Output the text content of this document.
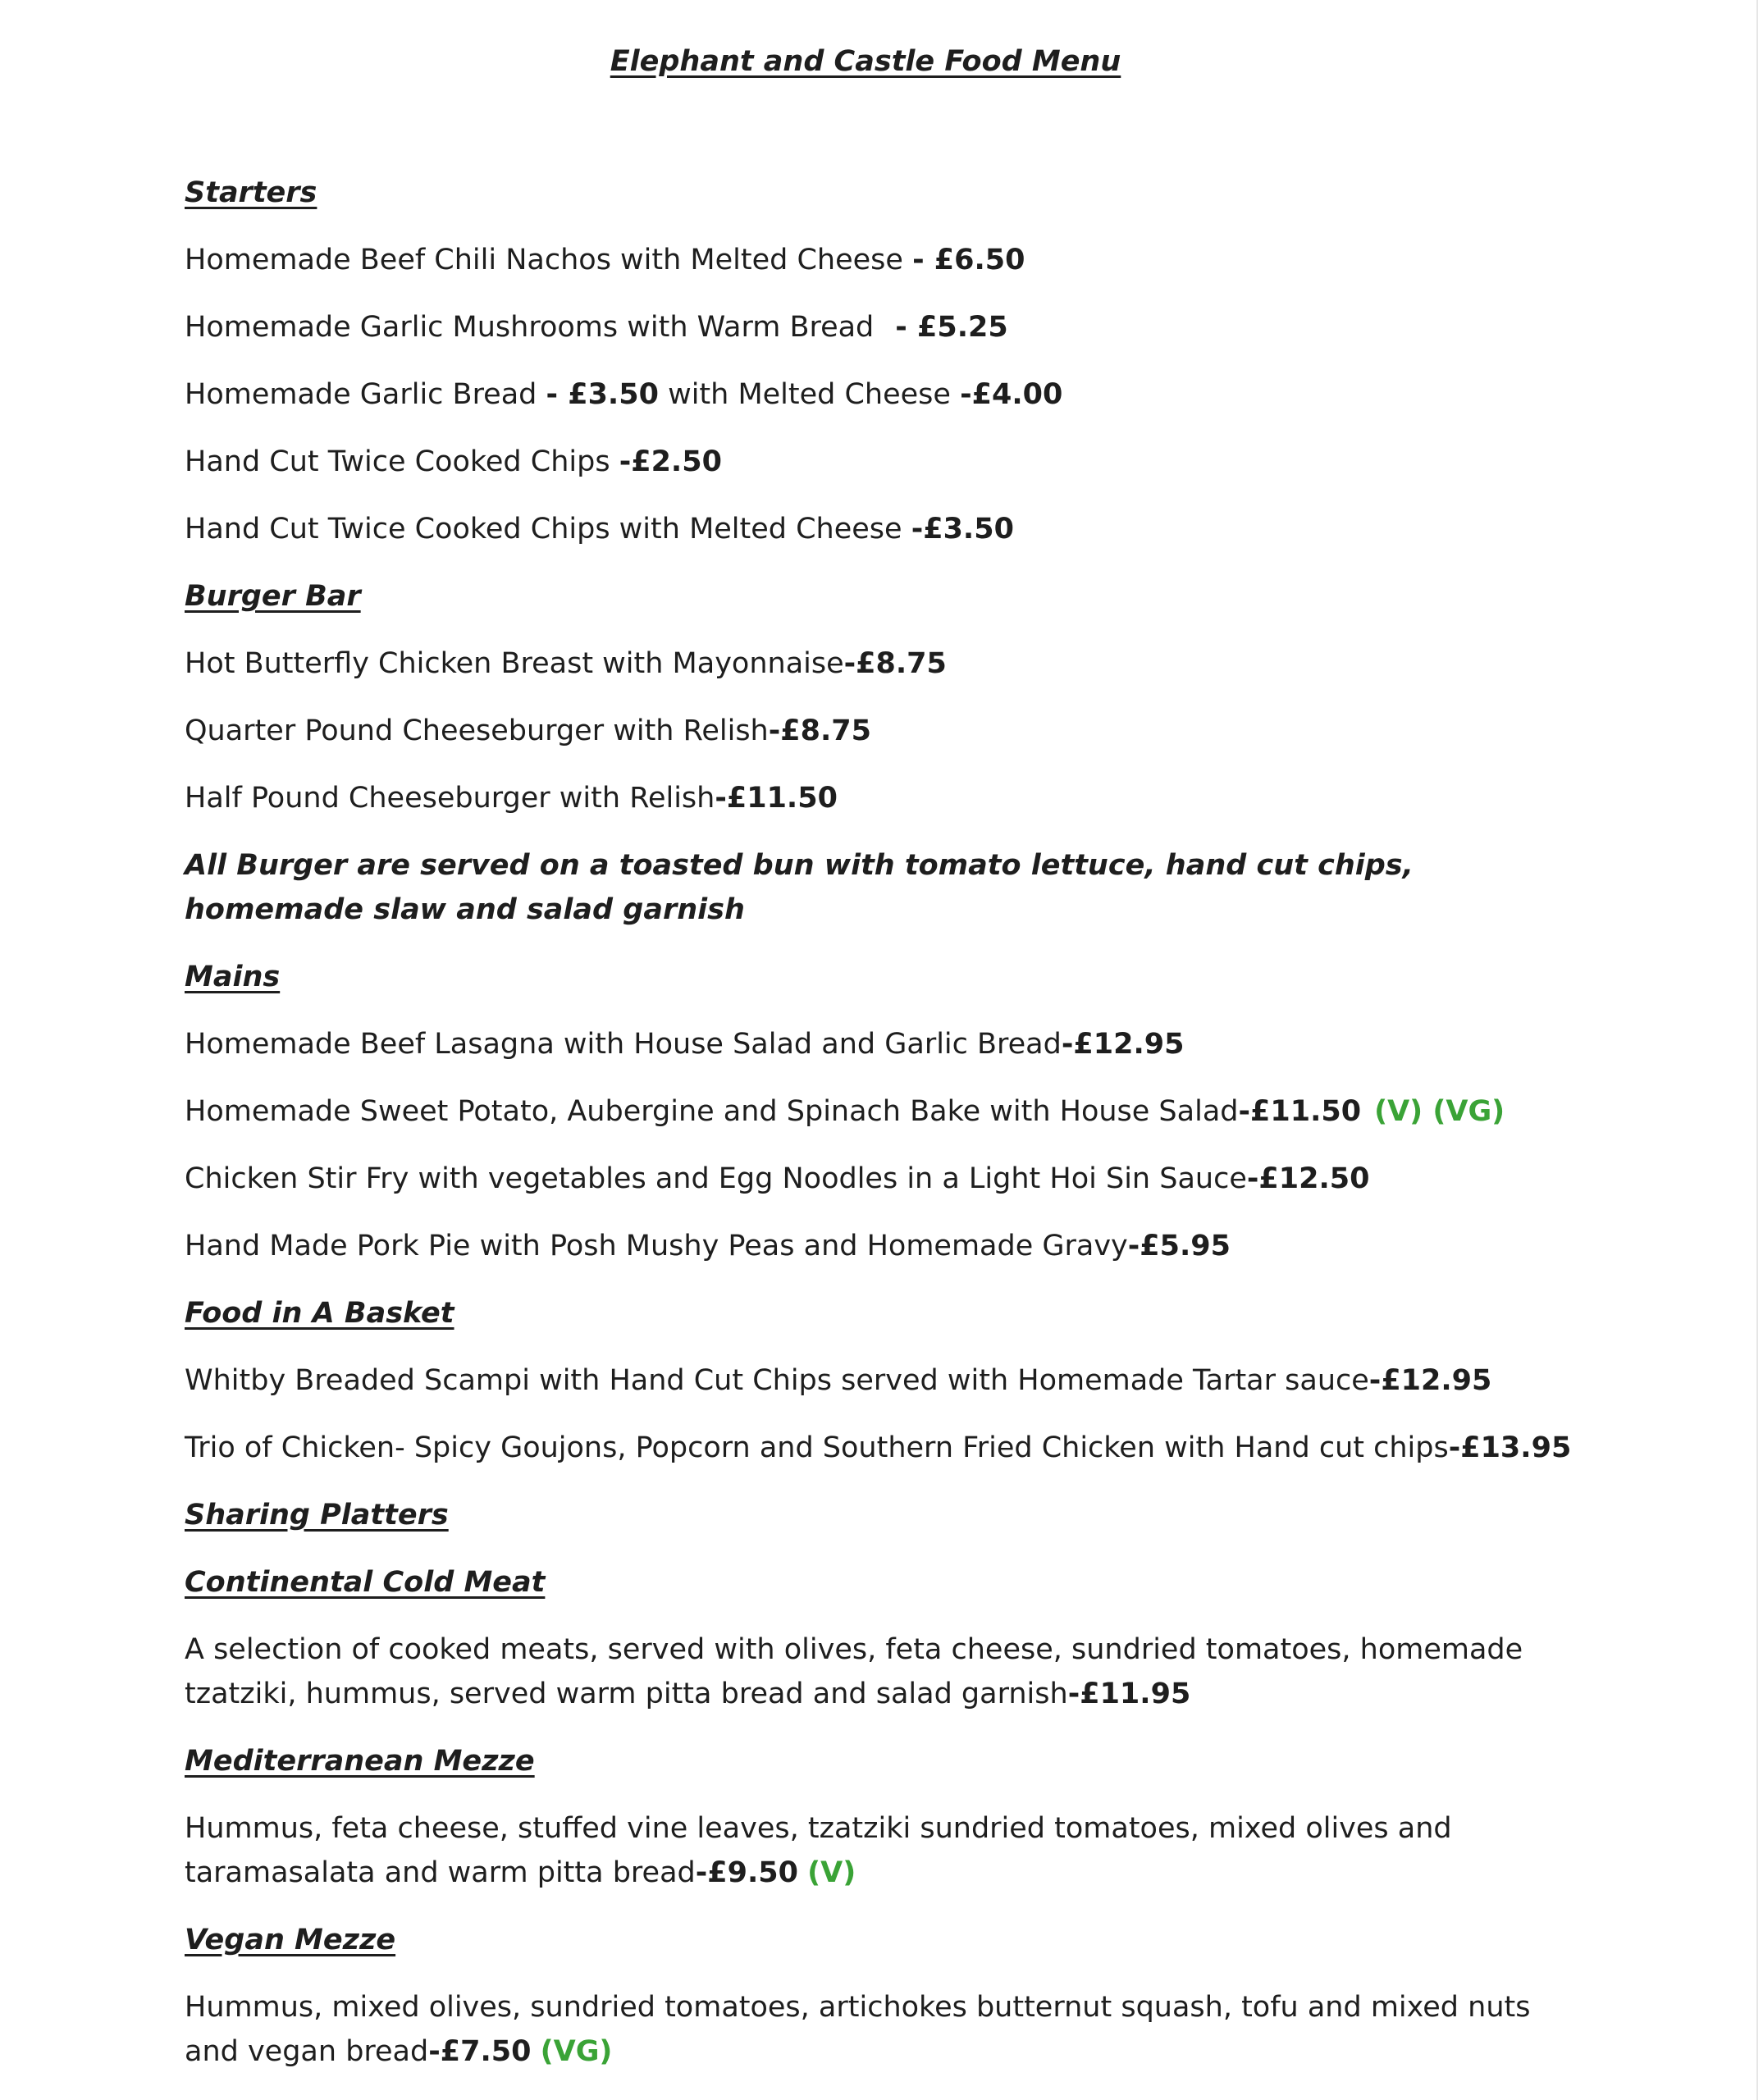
Elephant and Castle Food Menu
Starters
Homemade Beef Chili Nachos with Melted Cheese - £6.50
Homemade Garlic Mushrooms with Warm Bread - £5.25
Homemade Garlic Bread - £3.50 with Melted Cheese -£4.00
Hand Cut Twice Cooked Chips -£2.50
Hand Cut Twice Cooked Chips with Melted Cheese -£3.50
Burger Bar
Hot Butterfly Chicken Breast with Mayonnaise-£8.75
Quarter Pound Cheeseburger with Relish-£8.75
Half Pound Cheeseburger with Relish-£11.50
All Burger are served on a toasted bun with tomato lettuce, hand cut chips, homemade slaw and salad garnish
Mains
Homemade Beef Lasagna with House Salad and Garlic Bread-£12.95
Homemade Sweet Potato, Aubergine and Spinach Bake with House Salad-£11.50 (V) (VG)
Chicken Stir Fry with vegetables and Egg Noodles in a Light Hoi Sin Sauce-£12.50
Hand Made Pork Pie with Posh Mushy Peas and Homemade Gravy-£5.95
Food in A Basket
Whitby Breaded Scampi with Hand Cut Chips served with Homemade Tartar sauce-£12.95
Trio of Chicken- Spicy Goujons, Popcorn and Southern Fried Chicken with Hand cut chips-£13.95
Sharing Platters
Continental Cold Meat
A selection of cooked meats, served with olives, feta cheese, sundried tomatoes, homemade tzatziki, hummus, served warm pitta bread and salad garnish-£11.95
Mediterranean Mezze
Hummus, feta cheese, stuffed vine leaves, tzatziki sundried tomatoes, mixed olives and taramasalata and warm pitta bread-£9.50 (V)
Vegan Mezze
Hummus, mixed olives, sundried tomatoes, artichokes butternut squash, tofu and mixed nuts and vegan bread-£7.50 (VG)
